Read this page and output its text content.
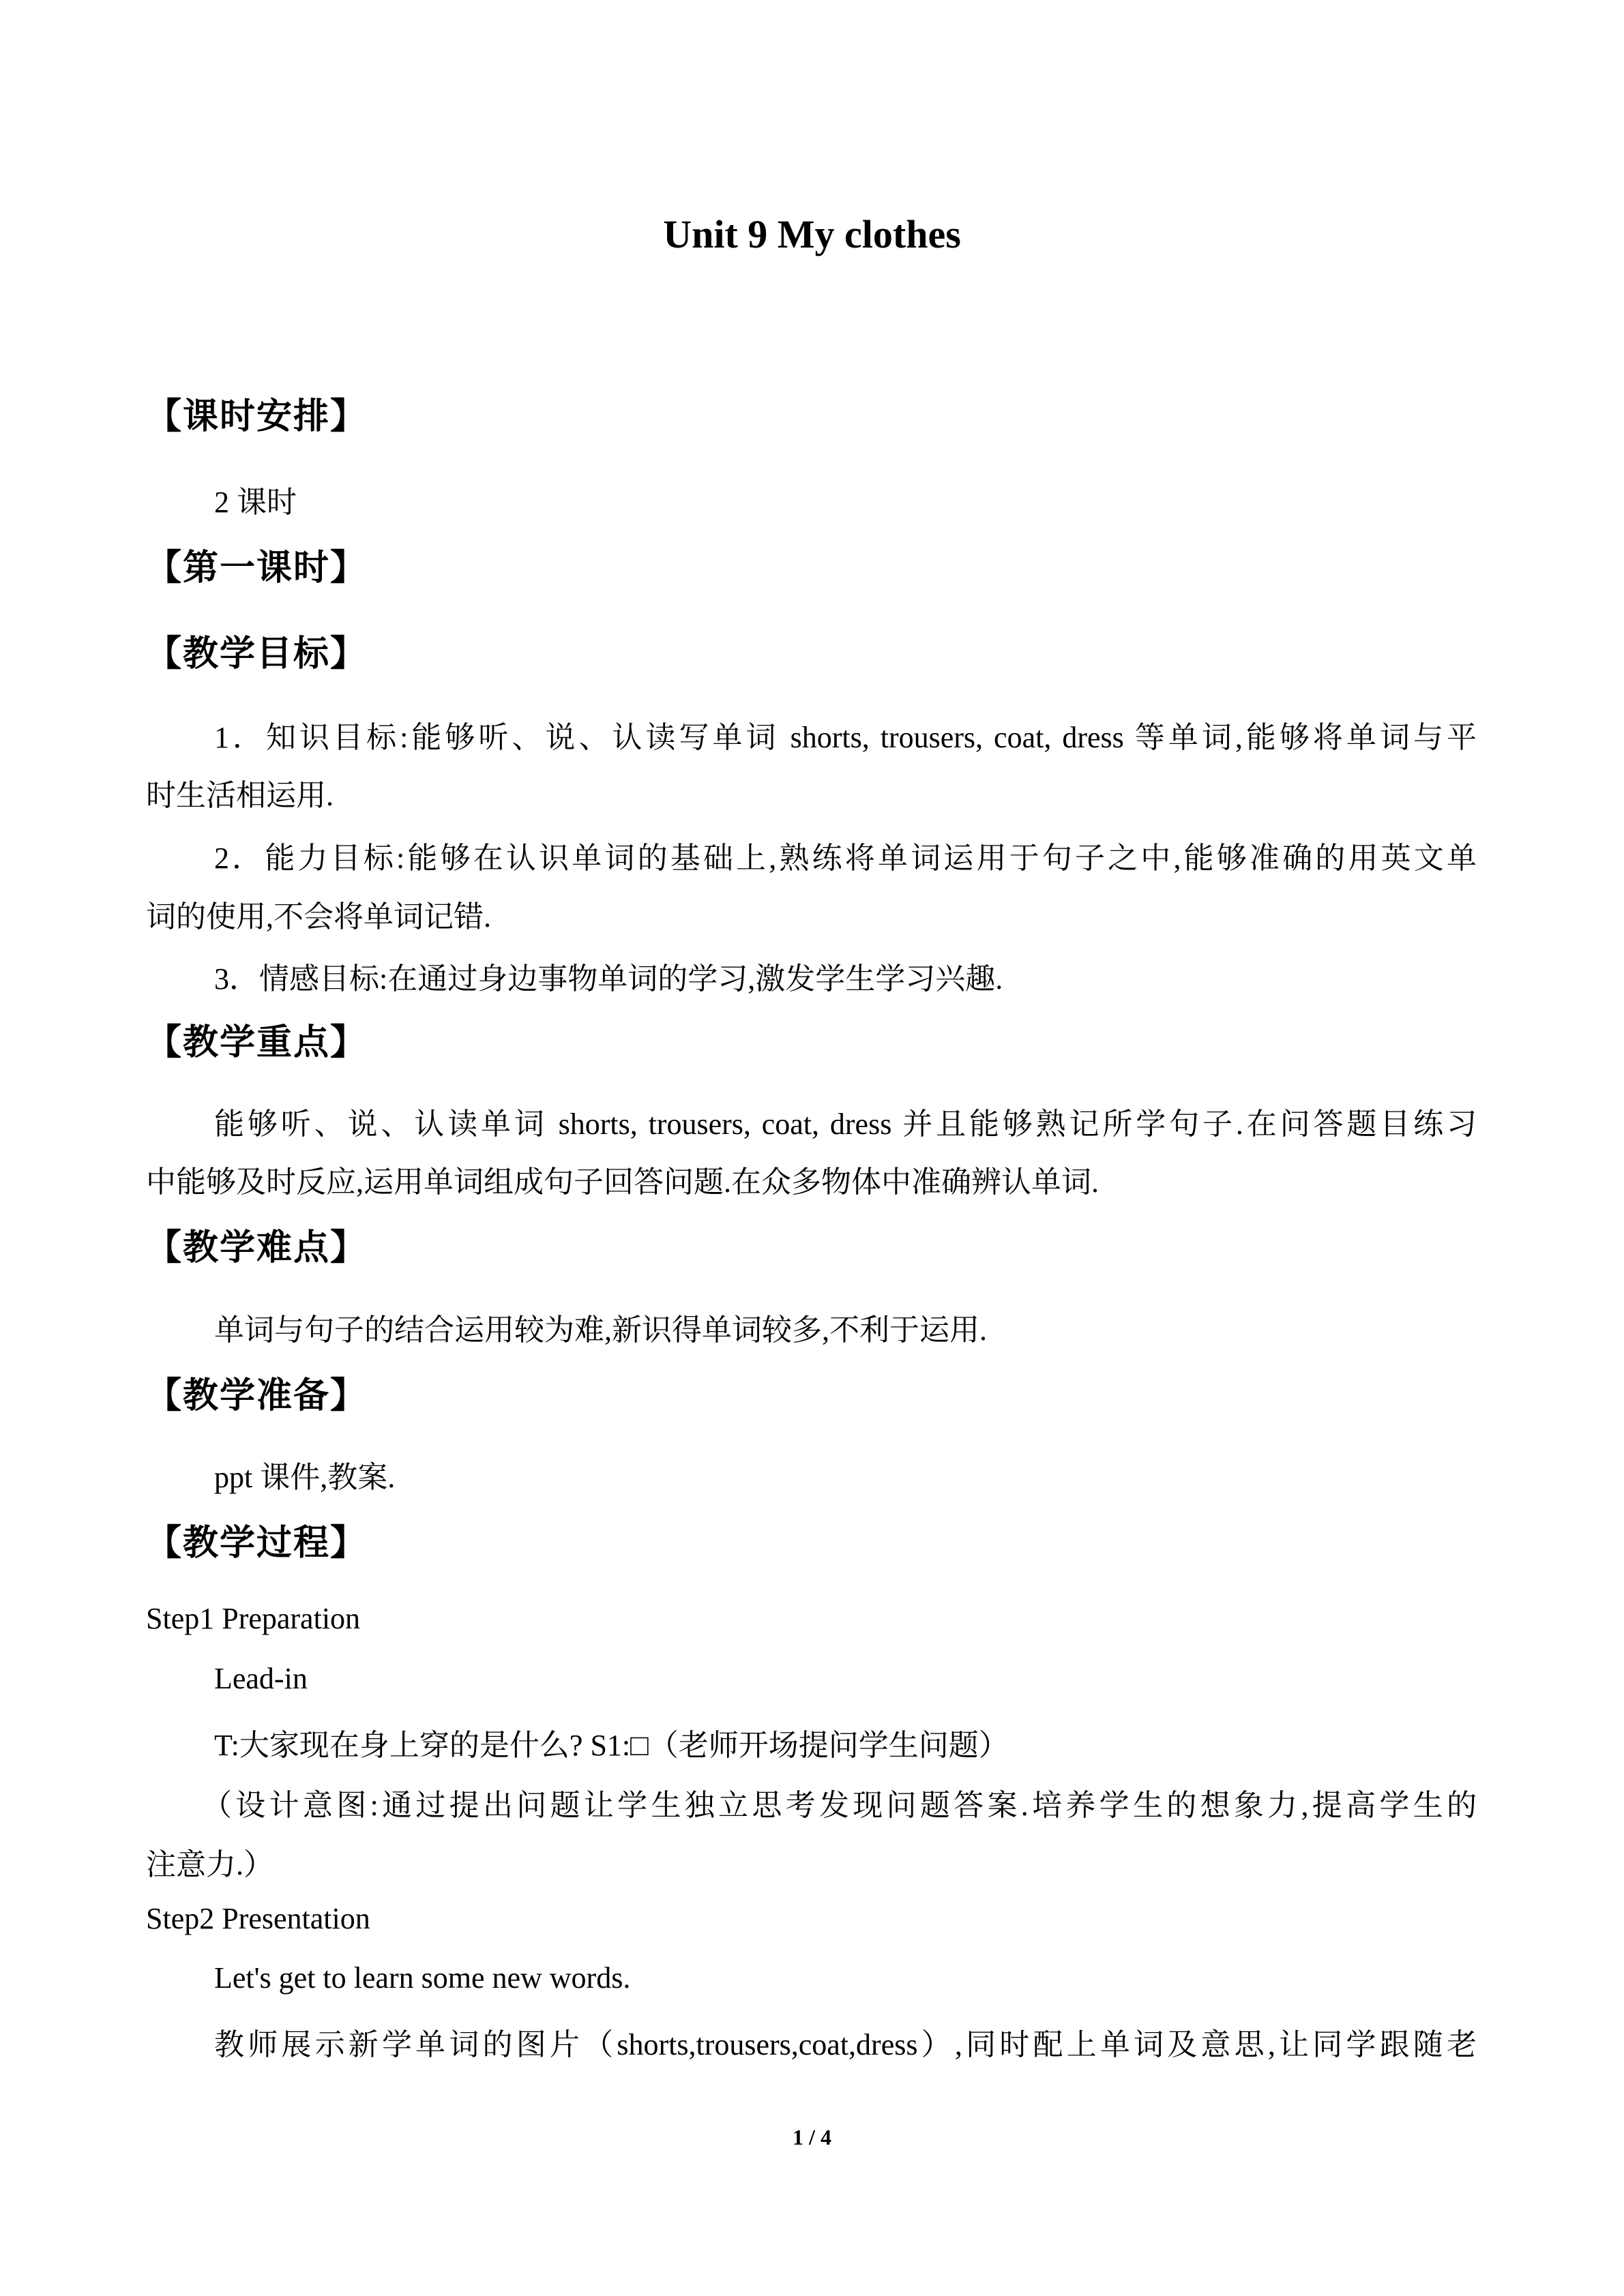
Unit 9 My clothes
【课时安排】
2 课时
【第一课时】
【教学目标】
1．知识目标:能够听、说、认读写单词 shorts, trousers, coat, dress 等单词,能够将单词与平
时生活相运用.
2．能力目标:能够在认识单词的基础上,熟练将单词运用于句子之中,能够准确的用英文单
词的使用,不会将单词记错.
3．情感目标:在通过身边事物单词的学习,激发学生学习兴趣.
【教学重点】
能够听、说、认读单词 shorts, trousers, coat, dress 并且能够熟记所学句子.在问答题目练习
中能够及时反应,运用单词组成句子回答问题.在众多物体中准确辨认单词.
【教学难点】
单词与句子的结合运用较为难,新识得单词较多,不利于运用.
【教学准备】
ppt 课件,教案.
【教学过程】
Step1 Preparation
Lead-in
T:大家现在身上穿的是什么? S1:□（老师开场提问学生问题）
（设计意图:通过提出问题让学生独立思考发现问题答案.培养学生的想象力,提高学生的
注意力.）
Step2 Presentation
Let's get to learn some new words.
教师展示新学单词的图片（shorts,trousers,coat,dress）,同时配上单词及意思,让同学跟随老
1 / 4
